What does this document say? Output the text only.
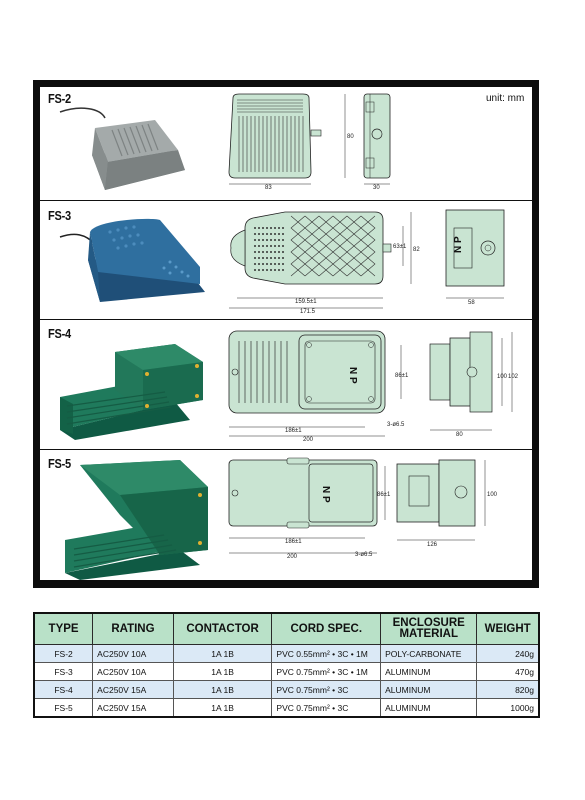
unit: mm
FS-2
83
80
30
FS-3
159.5±1
171.5
63±1 82	N P
58
FS-4
N P
186±1
200
86±1
3-ø6.5
80
100 102
FS-5
N P
186±1
200
86±1
3-ø6.5
126
100
TYPE	RATING	CONTACTOR	CORD SPEC.	ENCLOSURE MATERIAL	WEIGHT
FS-2	AC250V 10A	1A 1B	PVC 0.55mm² • 3C • 1M	POLY-CARBONATE	240g
FS-3	AC250V 10A	1A 1B	PVC 0.75mm² • 3C • 1M	ALUMINUM	470g
FS-4	AC250V 15A	1A 1B	PVC 0.75mm² • 3C	ALUMINUM	820g
FS-5	AC250V 15A	1A 1B	PVC 0.75mm² • 3C	ALUMINUM	1000g
